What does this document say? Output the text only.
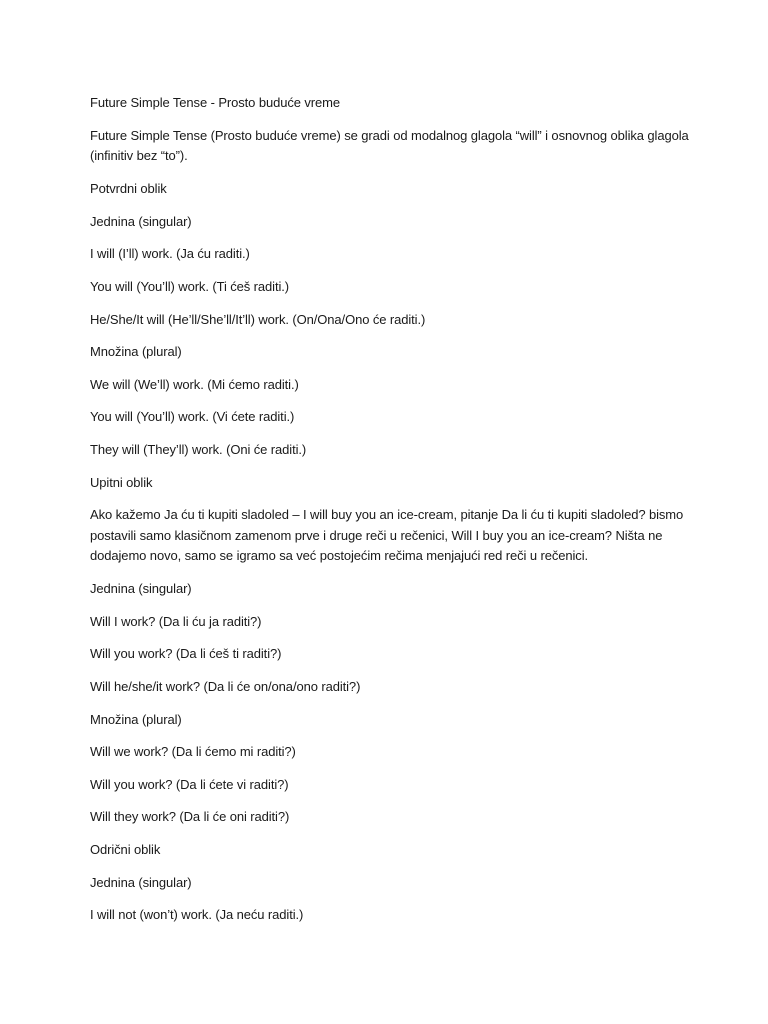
Future Simple Tense - Prosto buduće vreme

Future Simple Tense (Prosto buduće vreme) se gradi od modalnog glagola “will” i osnovnog oblika glagola (infinitiv bez “to”).

Potvrdni oblik

Jednina (singular)

I will (I’ll) work. (Ja ću raditi.)

You will (You’ll) work. (Ti ćeš raditi.)

He/She/It will (He’ll/She’ll/It’ll) work. (On/Ona/Ono će raditi.)

Množina (plural)

We will (We’ll) work. (Mi ćemo raditi.)

You will (You’ll) work. (Vi ćete raditi.)

They will (They’ll) work. (Oni će raditi.)

Upitni oblik

Ako kažemo Ja ću ti kupiti sladoled – I will buy you an ice-cream, pitanje Da li ću ti kupiti sladoled? bismo postavili samo klasičnom zamenom prve i druge reči u rečenici, Will I buy you an ice-cream? Ništa ne dodajemo novo, samo se igramo sa već postojećim rečima menjajući red reči u rečenici.

Jednina (singular)

Will I work? (Da li ću ja raditi?)

Will you work? (Da li ćeš ti raditi?)

Will he/she/it work? (Da li će on/ona/ono raditi?)

Množina (plural)

Will we work? (Da li ćemo mi raditi?)

Will you work? (Da li ćete vi raditi?)

Will they work? (Da li će oni raditi?)

Odrični oblik

Jednina (singular)

I will not (won’t) work. (Ja neću raditi.)
